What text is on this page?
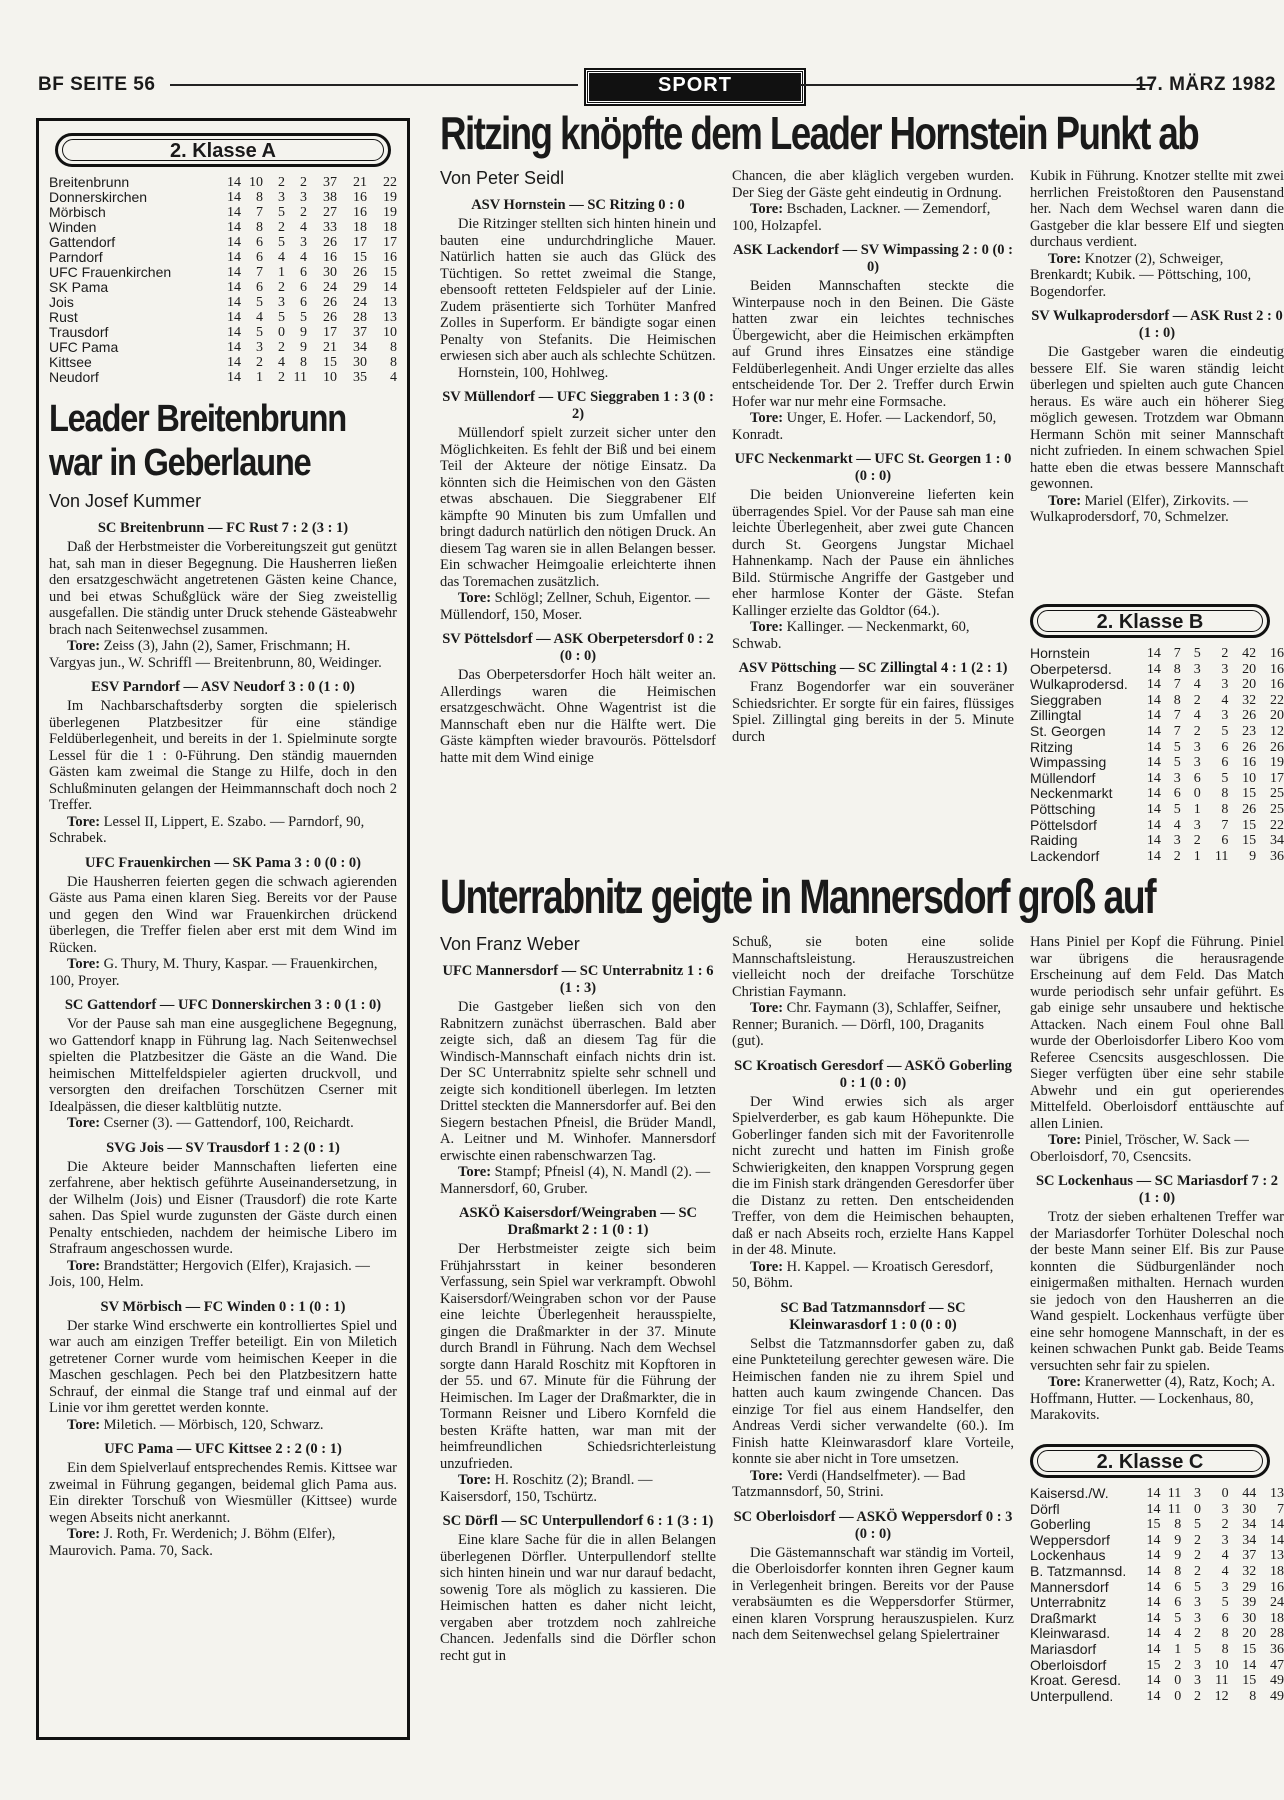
BF SEITE 56	SPORT	17. MÄRZ 1982
2. Klasse A
Breitenbrunn	14	10	2	2	37	21	22
Donnerskirchen	14	8	3	3	38	16	19
Mörbisch	14	7	5	2	27	16	19
Winden	14	8	2	4	33	18	18
Gattendorf	14	6	5	3	26	17	17
Parndorf	14	6	4	4	16	15	16
UFC Frauenkirchen	14	7	1	6	30	26	15
SK Pama	14	6	2	6	24	29	14
Jois	14	5	3	6	26	24	13
Rust	14	4	5	5	26	28	13
Trausdorf	14	5	0	9	17	37	10
UFC Pama	14	3	2	9	21	34	8
Kittsee	14	2	4	8	15	30	8
Neudorf	14	1	2	11	10	35	4
Leader Breitenbrunn war in Geberlaune
Von Josef Kummer
SC Breitenbrunn — FC Rust 7 : 2 (3 : 1)

Daß der Herbstmeister die Vorbereitungszeit gut genützt hat, sah man in dieser Begegnung. Die Hausherren ließen den ersatzgeschwächt angetretenen Gästen keine Chance, und bei etwas Schußglück wäre der Sieg zweistellig ausgefallen. Die ständig unter Druck stehende Gästeabwehr brach nach Seitenwechsel zusammen.

Tore: Zeiss (3), Jahn (2), Samer, Frischmann; H. Vargyas jun., W. Schriffl — Breitenbrunn, 80, Weidinger.

ESV Parndorf — ASV Neudorf 3 : 0 (1 : 0)

Im Nachbarschaftsderby sorgten die spielerisch überlegenen Platzbesitzer für eine ständige Feldüberlegenheit, und bereits in der 1. Spielminute sorgte Lessel für die 1 : 0-Führung. Den ständig mauernden Gästen kam zweimal die Stange zu Hilfe, doch in den Schlußminuten gelangen der Heimmannschaft doch noch 2 Treffer.

Tore: Lessel II, Lippert, E. Szabo. — Parndorf, 90, Schrabek.

UFC Frauenkirchen — SK Pama 3 : 0 (0 : 0)

Die Hausherren feierten gegen die schwach agierenden Gäste aus Pama einen klaren Sieg. Bereits vor der Pause und gegen den Wind war Frauenkirchen drückend überlegen, die Treffer fielen aber erst mit dem Wind im Rücken.

Tore: G. Thury, M. Thury, Kaspar. — Frauenkirchen, 100, Proyer.

SC Gattendorf — UFC Donnerskirchen 3 : 0 (1 : 0)

Vor der Pause sah man eine ausgeglichene Begegnung, wo Gattendorf knapp in Führung lag. Nach Seitenwechsel spielten die Platzbesitzer die Gäste an die Wand. Die heimischen Mittelfeldspieler agierten druckvoll, und versorgten den dreifachen Torschützen Cserner mit Idealpässen, die dieser kaltblütig nutzte.

Tore: Cserner (3). — Gattendorf, 100, Reichardt.

SVG Jois — SV Trausdorf 1 : 2 (0 : 1)

Die Akteure beider Mannschaften lieferten eine zerfahrene, aber hektisch geführte Auseinandersetzung, in der Wilhelm (Jois) und Eisner (Trausdorf) die rote Karte sahen. Das Spiel wurde zugunsten der Gäste durch einen Penalty entschieden, nachdem der heimische Libero im Strafraum angeschossen wurde.

Tore: Brandstätter; Hergovich (Elfer), Krajasich. — Jois, 100, Helm.

SV Mörbisch — FC Winden 0 : 1 (0 : 1)

Der starke Wind erschwerte ein kontrolliertes Spiel und war auch am einzigen Treffer beteiligt. Ein von Miletich getretener Corner wurde vom heimischen Keeper in die Maschen geschlagen. Pech bei den Platzbesitzern hatte Schrauf, der einmal die Stange traf und einmal auf der Linie vor ihm gerettet werden konnte.

Tore: Miletich. — Mörbisch, 120, Schwarz.

UFC Pama — UFC Kittsee 2 : 2 (0 : 1)

Ein dem Spielverlauf entsprechendes Remis. Kittsee war zweimal in Führung gegangen, beidemal glich Pama aus. Ein direkter Torschuß von Wiesmüller (Kittsee) wurde wegen Abseits nicht anerkannt.

Tore: J. Roth, Fr. Werdenich; J. Böhm (Elfer), Maurovich. Pama. 70, Sack.

Ritzing knöpfte dem Leader Hornstein Punkt ab
Von Peter Seidl
ASV Hornstein — SC Ritzing 0 : 0

Die Ritzinger stellten sich hinten hinein und bauten eine undurchdringliche Mauer. Natürlich hatten sie auch das Glück des Tüchtigen. So rettet zweimal die Stange, ebensooft retteten Feldspieler auf der Linie. Zudem präsentierte sich Torhüter Manfred Zolles in Superform. Er bändigte sogar einen Penalty von Stefanits. Die Heimischen erwiesen sich aber auch als schlechte Schützen.

Hornstein, 100, Hohlweg.

SV Müllendorf — UFC Sieggraben 1 : 3 (0 : 2)

Müllendorf spielt zurzeit sicher unter den Möglichkeiten. Es fehlt der Biß und bei einem Teil der Akteure der nötige Einsatz. Da könnten sich die Heimischen von den Gästen etwas abschauen. Die Sieggrabener Elf kämpfte 90 Minuten bis zum Umfallen und bringt dadurch natürlich den nötigen Druck. An diesem Tag waren sie in allen Belangen besser. Ein schwacher Heimgoalie erleichterte ihnen das Toremachen zusätzlich.

Tore: Schlögl; Zellner, Schuh, Eigentor. — Müllendorf, 150, Moser.

SV Pöttelsdorf — ASK Oberpetersdorf 0 : 2 (0 : 0)

Das Oberpetersdorfer Hoch hält weiter an. Allerdings waren die Heimischen ersatzgeschwächt. Ohne Wagentrist ist die Mannschaft eben nur die Hälfte wert. Die Gäste kämpften wieder bravourös. Pöttelsdorf hatte mit dem Wind einige

Chancen, die aber kläglich vergeben wurden. Der Sieg der Gäste geht eindeutig in Ordnung.

Tore: Bschaden, Lackner. — Zemendorf, 100, Holzapfel.

ASK Lackendorf — SV Wimpassing 2 : 0 (0 : 0)

Beiden Mannschaften steckte die Winterpause noch in den Beinen. Die Gäste hatten zwar ein leichtes technisches Übergewicht, aber die Heimischen erkämpften auf Grund ihres Einsatzes eine ständige Feldüberlegenheit. Andi Unger erzielte das alles entscheidende Tor. Der 2. Treffer durch Erwin Hofer war nur mehr eine Formsache.

Tore: Unger, E. Hofer. — Lackendorf, 50, Konradt.

UFC Neckenmarkt — UFC St. Georgen 1 : 0 (0 : 0)

Die beiden Unionvereine lieferten kein überragendes Spiel. Vor der Pause sah man eine leichte Überlegenheit, aber zwei gute Chancen durch St. Georgens Jungstar Michael Hahnenkamp. Nach der Pause ein ähnliches Bild. Stürmische Angriffe der Gastgeber und eher harmlose Konter der Gäste. Stefan Kallinger erzielte das Goldtor (64.).

Tore: Kallinger. — Neckenmarkt, 60, Schwab.

ASV Pöttsching — SC Zillingtal 4 : 1 (2 : 1)

Franz Bogendorfer war ein souveräner Schiedsrichter. Er sorgte für ein faires, flüssiges Spiel. Zillingtal ging bereits in der 5. Minute durch

Kubik in Führung. Knotzer stellte mit zwei herrlichen Freistoßtoren den Pausenstand her. Nach dem Wechsel waren dann die Gastgeber die klar bessere Elf und siegten durchaus verdient.

Tore: Knotzer (2), Schweiger, Brenkardt; Kubik. — Pöttsching, 100, Bogendorfer.

SV Wulkaprodersdorf — ASK Rust 2 : 0 (1 : 0)

Die Gastgeber waren die eindeutig bessere Elf. Sie waren ständig leicht überlegen und spielten auch gute Chancen heraus. Es wäre auch ein höherer Sieg möglich gewesen. Trotzdem war Obmann Hermann Schön mit seiner Mannschaft nicht zufrieden. In einem schwachen Spiel hatte eben die etwas bessere Mannschaft gewonnen.

Tore: Mariel (Elfer), Zirkovits. — Wulkaprodersdorf, 70, Schmelzer.

2. Klasse B
Hornstein	14	7	5	2	42	16
Oberpetersd.	14	8	3	3	20	16
Wulkaprodersd.	14	7	4	3	20	16
Sieggraben	14	8	2	4	32	22
Zillingtal	14	7	4	3	26	20
St. Georgen	14	7	2	5	23	12
Ritzing	14	5	3	6	26	26
Wimpassing	14	5	3	6	16	19
Müllendorf	14	3	6	5	10	17
Neckenmarkt	14	6	0	8	15	25
Pöttsching	14	5	1	8	26	25
Pöttelsdorf	14	4	3	7	15	22
Raiding	14	3	2	6	15	34
Lackendorf	14	2	1	11	9	36
Unterrabnitz geigte in Mannersdorf groß auf
Von Franz Weber
UFC Mannersdorf — SC Unterrabnitz 1 : 6 (1 : 3)

Die Gastgeber ließen sich von den Rabnitzern zunächst überraschen. Bald aber zeigte sich, daß an diesem Tag für die Windisch-Mannschaft einfach nichts drin ist. Der SC Unterrabnitz spielte sehr schnell und zeigte sich konditionell überlegen. Im letzten Drittel steckten die Mannersdorfer auf. Bei den Siegern bestachen Pfneisl, die Brüder Mandl, A. Leitner und M. Winhofer. Mannersdorf erwischte einen rabenschwarzen Tag.

Tore: Stampf; Pfneisl (4), N. Mandl (2). — Mannersdorf, 60, Gruber.

ASKÖ Kaisersdorf/Weingraben — SC Draßmarkt 2 : 1 (0 : 1)

Der Herbstmeister zeigte sich beim Frühjahrsstart in keiner besonderen Verfassung, sein Spiel war verkrampft. Obwohl Kaisersdorf/Weingraben schon vor der Pause eine leichte Überlegenheit herausspielte, gingen die Draßmarkter in der 37. Minute durch Brandl in Führung. Nach dem Wechsel sorgte dann Harald Roschitz mit Kopftoren in der 55. und 67. Minute für die Führung der Heimischen. Im Lager der Draßmarkter, die in Tormann Reisner und Libero Kornfeld die besten Kräfte hatten, war man mit der heimfreundlichen Schiedsrichterleistung unzufrieden.

Tore: H. Roschitz (2); Brandl. — Kaisersdorf, 150, Tschürtz.

SC Dörfl — SC Unterpullendorf 6 : 1 (3 : 1)

Eine klare Sache für die in allen Belangen überlegenen Dörfler. Unterpullendorf stellte sich hinten hinein und war nur darauf bedacht, sowenig Tore als möglich zu kassieren. Die Heimischen hatten es daher nicht leicht, vergaben aber trotzdem noch zahlreiche Chancen. Jedenfalls sind die Dörfler schon recht gut in

Schuß, sie boten eine solide Mannschaftsleistung. Herauszustreichen vielleicht noch der dreifache Torschütze Christian Faymann.

Tore: Chr. Faymann (3), Schlaffer, Seifner, Renner; Buranich. — Dörfl, 100, Draganits (gut).

SC Kroatisch Geresdorf — ASKÖ Goberling 0 : 1 (0 : 0)

Der Wind erwies sich als arger Spielverderber, es gab kaum Höhepunkte. Die Goberlinger fanden sich mit der Favoritenrolle nicht zurecht und hatten im Finish große Schwierigkeiten, den knappen Vorsprung gegen die im Finish stark drängenden Geresdorfer über die Distanz zu retten. Den entscheidenden Treffer, von dem die Heimischen behaupten, daß er nach Abseits roch, erzielte Hans Kappel in der 48. Minute.

Tore: H. Kappel. — Kroatisch Geresdorf, 50, Böhm.

SC Bad Tatzmannsdorf — SC Kleinwarasdorf 1 : 0 (0 : 0)

Selbst die Tatzmannsdorfer gaben zu, daß eine Punkteteilung gerechter gewesen wäre. Die Heimischen fanden nie zu ihrem Spiel und hatten auch kaum zwingende Chancen. Das einzige Tor fiel aus einem Handselfer, den Andreas Verdi sicher verwandelte (60.). Im Finish hatte Kleinwarasdorf klare Vorteile, konnte sie aber nicht in Tore umsetzen.

Tore: Verdi (Handselfmeter). — Bad Tatzmannsdorf, 50, Strini.

SC Oberloisdorf — ASKÖ Weppersdorf 0 : 3 (0 : 0)

Die Gästemannschaft war ständig im Vorteil, die Oberloisdorfer konnten ihren Gegner kaum in Verlegenheit bringen. Bereits vor der Pause verabsäumten es die Weppersdorfer Stürmer, einen klaren Vorsprung herauszuspielen. Kurz nach dem Seitenwechsel gelang Spielertrainer

Hans Piniel per Kopf die Führung. Piniel war übrigens die herausragende Erscheinung auf dem Feld. Das Match wurde periodisch sehr unfair geführt. Es gab einige sehr unsaubere und hektische Attacken. Nach einem Foul ohne Ball wurde der Oberloisdorfer Libero Koo vom Referee Csencsits ausgeschlossen. Die Sieger verfügten über eine sehr stabile Abwehr und ein gut operierendes Mittelfeld. Oberloisdorf enttäuschte auf allen Linien.

Tore: Piniel, Tröscher, W. Sack — Oberloisdorf, 70, Csencsits.

SC Lockenhaus — SC Mariasdorf 7 : 2 (1 : 0)

Trotz der sieben erhaltenen Treffer war der Mariasdorfer Torhüter Doleschal noch der beste Mann seiner Elf. Bis zur Pause konnten die Südburgenländer noch einigermaßen mithalten. Hernach wurden sie jedoch von den Hausherren an die Wand gespielt. Lockenhaus verfügte über eine sehr homogene Mannschaft, in der es keinen schwachen Punkt gab. Beide Teams versuchten sehr fair zu spielen.

Tore: Kranerwetter (4), Ratz, Koch; A. Hoffmann, Hutter. — Lockenhaus, 80, Marakovits.

2. Klasse C
Kaisersd./W.	14	11	3	0	44	13
Dörfl	14	11	0	3	30	7
Goberling	15	8	5	2	34	14
Weppersdorf	14	9	2	3	34	14
Lockenhaus	14	9	2	4	37	13
B. Tatzmannsd.	14	8	2	4	32	18
Mannersdorf	14	6	5	3	29	16
Unterrabnitz	14	6	3	5	39	24
Draßmarkt	14	5	3	6	30	18
Kleinwarasd.	14	4	2	8	20	28
Mariasdorf	14	1	5	8	15	36
Oberloisdorf	15	2	3	10	14	47
Kroat. Geresd.	14	0	3	11	15	49
Unterpullend.	14	0	2	12	8	49
